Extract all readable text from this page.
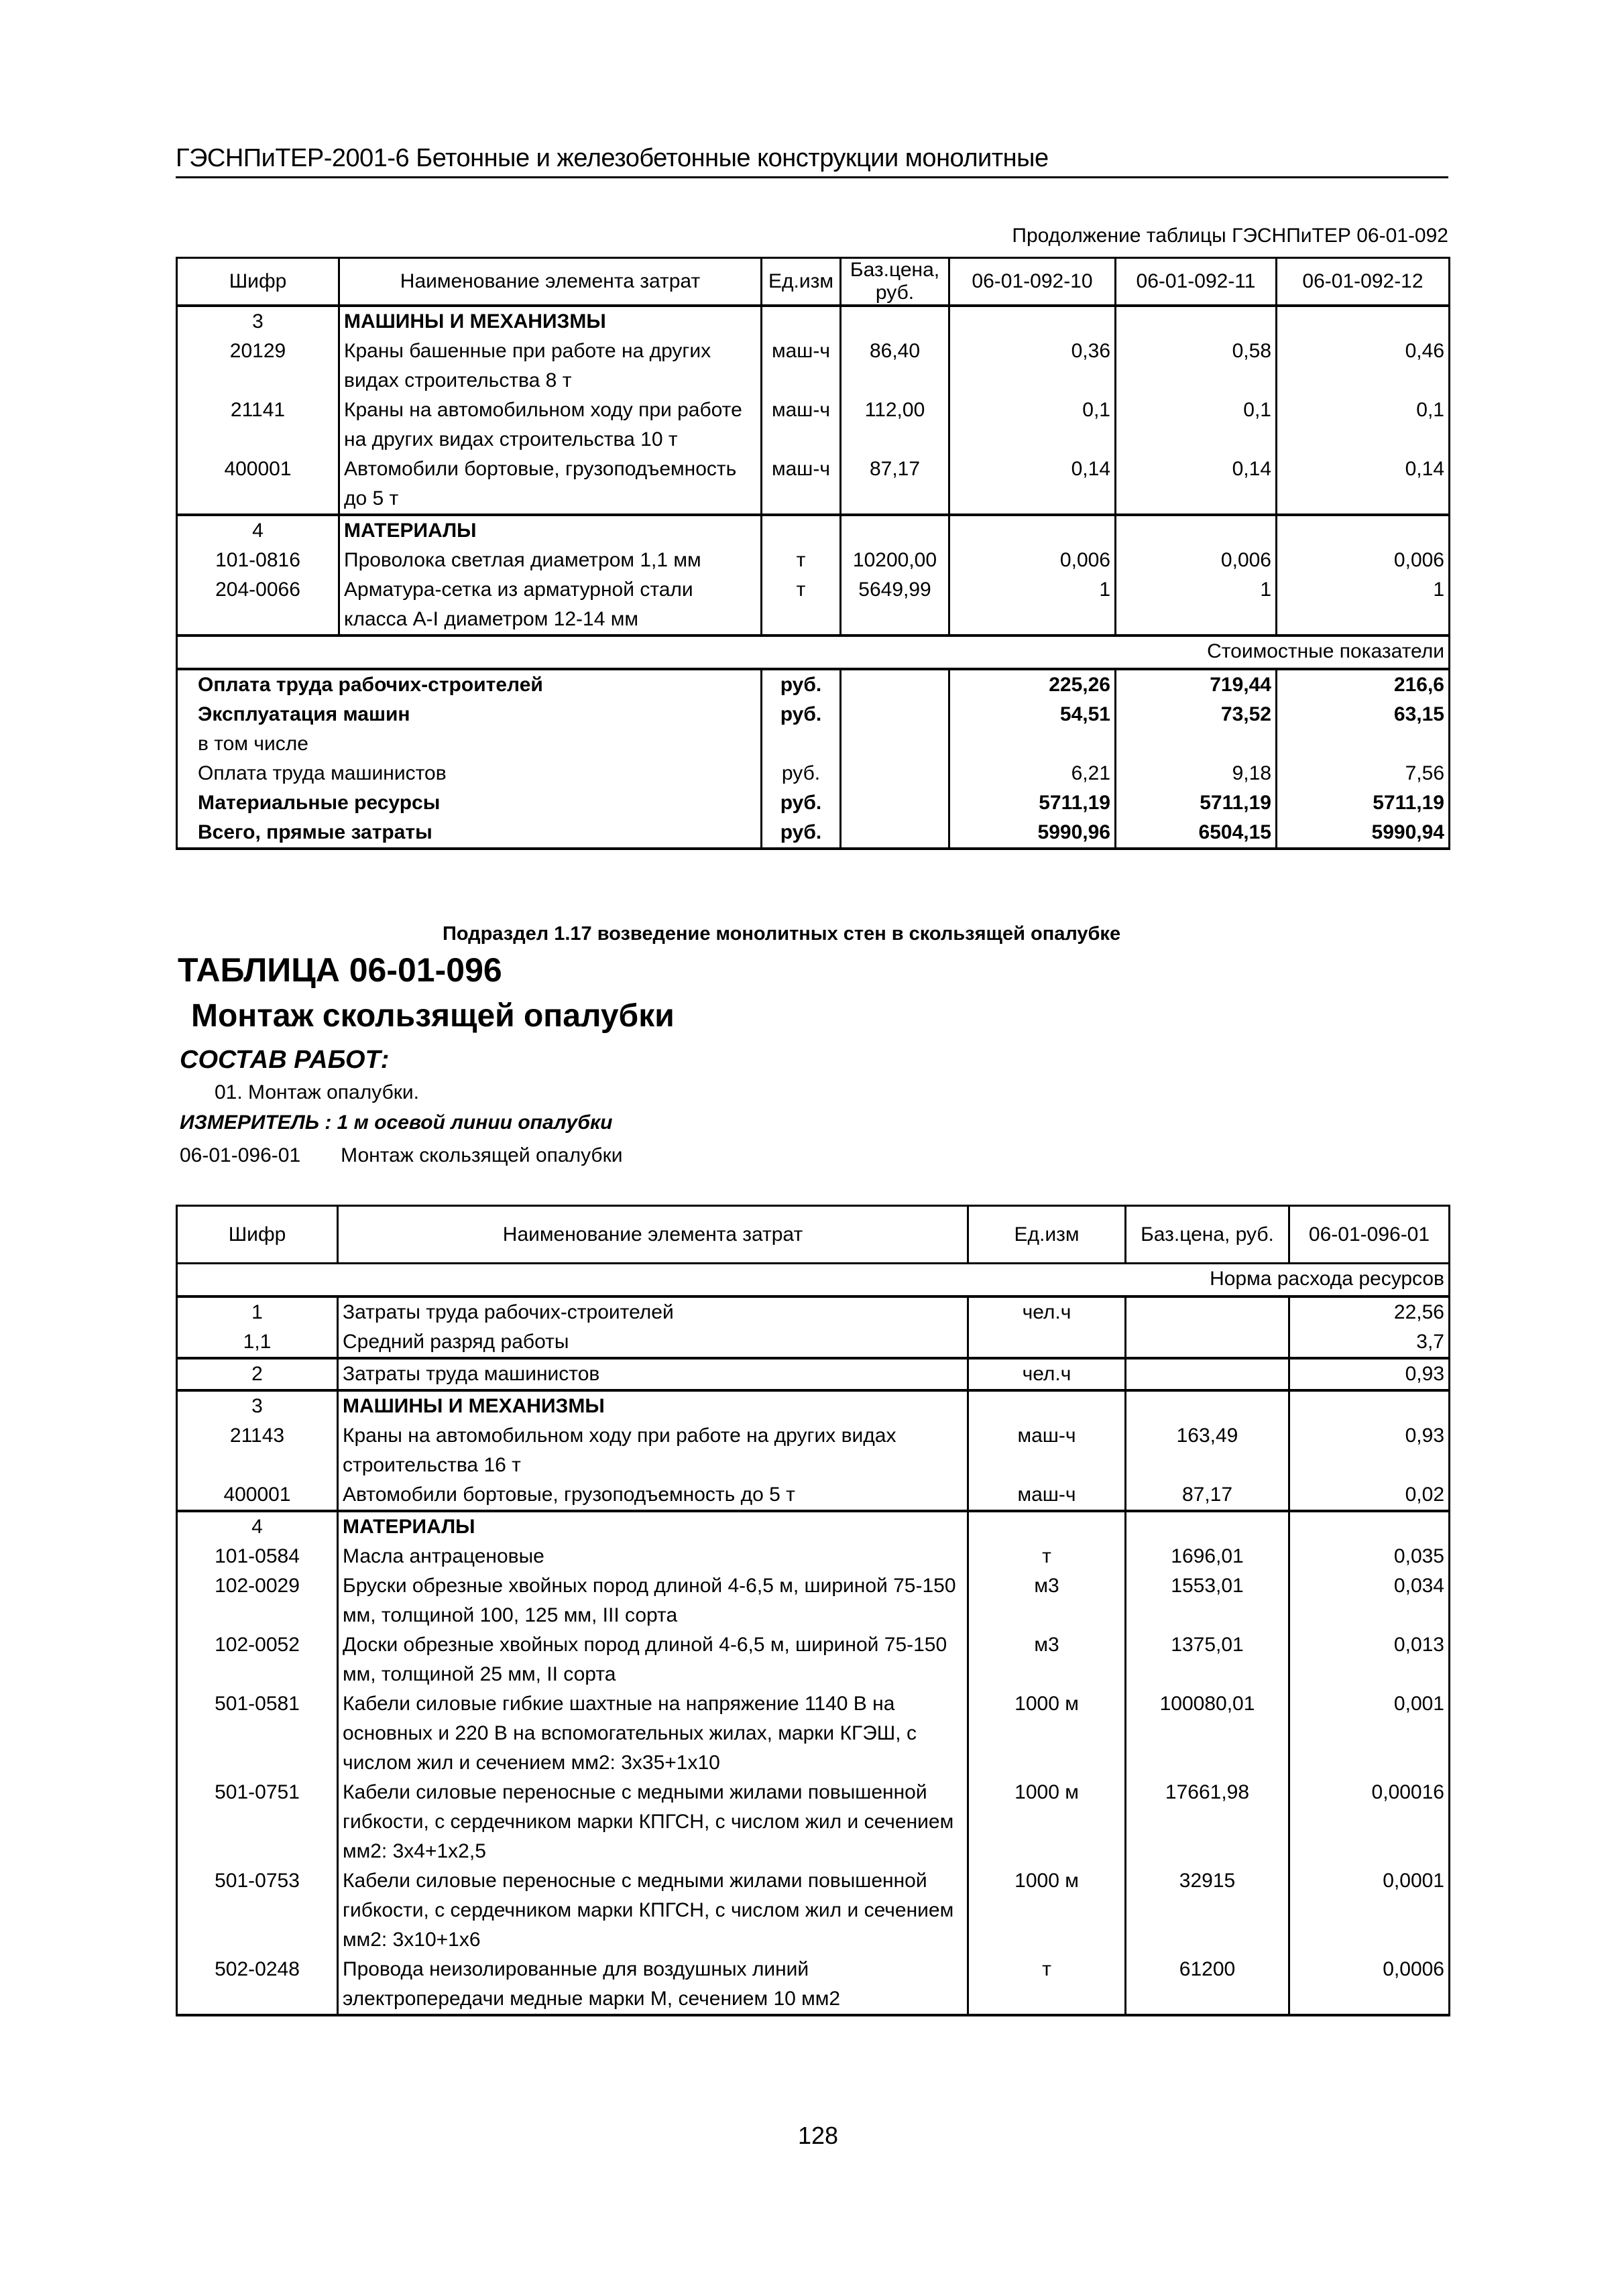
ГЭСНПиТЕР-2001-6 Бетонные и железобетонные конструкции монолитные
Продолжение таблицы ГЭСНПиТЕР 06-01-092
Шифр	Наименование элемента затрат	Ед.изм	Баз.цена, руб.	06-01-092-10	06-01-092-11	06-01-092-12
3	МАШИНЫ И МЕХАНИЗМЫ					
20129	Краны башенные при работе на других видах строительства 8 т	маш-ч	86,40	0,36	0,58	0,46
21141	Краны на автомобильном ходу при работе на других видах строительства 10 т	маш-ч	112,00	0,1	0,1	0,1
400001	Автомобили бортовые, грузоподъемность до 5 т	маш-ч	87,17	0,14	0,14	0,14
4	МАТЕРИАЛЫ					
101-0816	Проволока светлая диаметром 1,1 мм	т	10200,00	0,006	0,006	0,006
204-0066	Арматура-сетка из арматурной стали класса А-I диаметром 12-14 мм	т	5649,99	1	1	1
Стоимостные показатели						
Оплата труда рабочих-строителей		руб.		225,26	719,44	216,6
Эксплуатация машин		руб.		54,51	73,52	63,15
в том числе						
Оплата труда машинистов		руб.		6,21	9,18	7,56
Материальные ресурсы		руб.		5711,19	5711,19	5711,19
Всего, прямые затраты		руб.		5990,96	6504,15	5990,94
Подраздел 1.17 возведение монолитных стен в скользящей опалубке
ТАБЛИЦА 06-01-096
Монтаж скользящей опалубки
СОСТАВ РАБОТ:
01. Монтаж опалубки.
ИЗМЕРИТЕЛЬ : 1 м осевой линии опалубки
06-01-096-01 Монтаж скользящей опалубки
Шифр	Наименование элемента затрат	Ед.изм	Баз.цена, руб.	06-01-096-01
Норма расхода ресурсов				
1	Затраты труда рабочих-строителей	чел.ч		22,56
1,1	Средний разряд работы			3,7
2	Затраты труда машинистов	чел.ч		0,93
3	МАШИНЫ И МЕХАНИЗМЫ			
21143	Краны на автомобильном ходу при работе на других видах строительства 16 т	маш-ч	163,49	0,93
400001	Автомобили бортовые, грузоподъемность до 5 т	маш-ч	87,17	0,02
4	МАТЕРИАЛЫ			
101-0584	Масла антраценовые	т	1696,01	0,035
102-0029	Бруски обрезные хвойных пород длиной 4-6,5 м, шириной 75-150 мм, толщиной 100, 125 мм, III сорта	м3	1553,01	0,034
102-0052	Доски обрезные хвойных пород длиной 4-6,5 м, шириной 75-150 мм, толщиной 25 мм, II сорта	м3	1375,01	0,013
501-0581	Кабели силовые гибкие шахтные на напряжение 1140 В на основных и 220 В на вспомогательных жилах, марки КГЭШ, с числом жил и сечением мм2: 3х35+1х10	1000 м	100080,01	0,001
501-0751	Кабели силовые переносные с медными жилами повышенной гибкости, с сердечником марки КПГСН, с числом жил и сечением мм2: 3х4+1х2,5	1000 м	17661,98	0,00016
501-0753	Кабели силовые переносные с медными жилами повышенной гибкости, с сердечником марки КПГСН, с числом жил и сечением мм2: 3х10+1х6	1000 м	32915	0,0001
502-0248	Провода неизолированные для воздушных линий электропередачи медные марки М, сечением 10 мм2	т	61200	0,0006
128
